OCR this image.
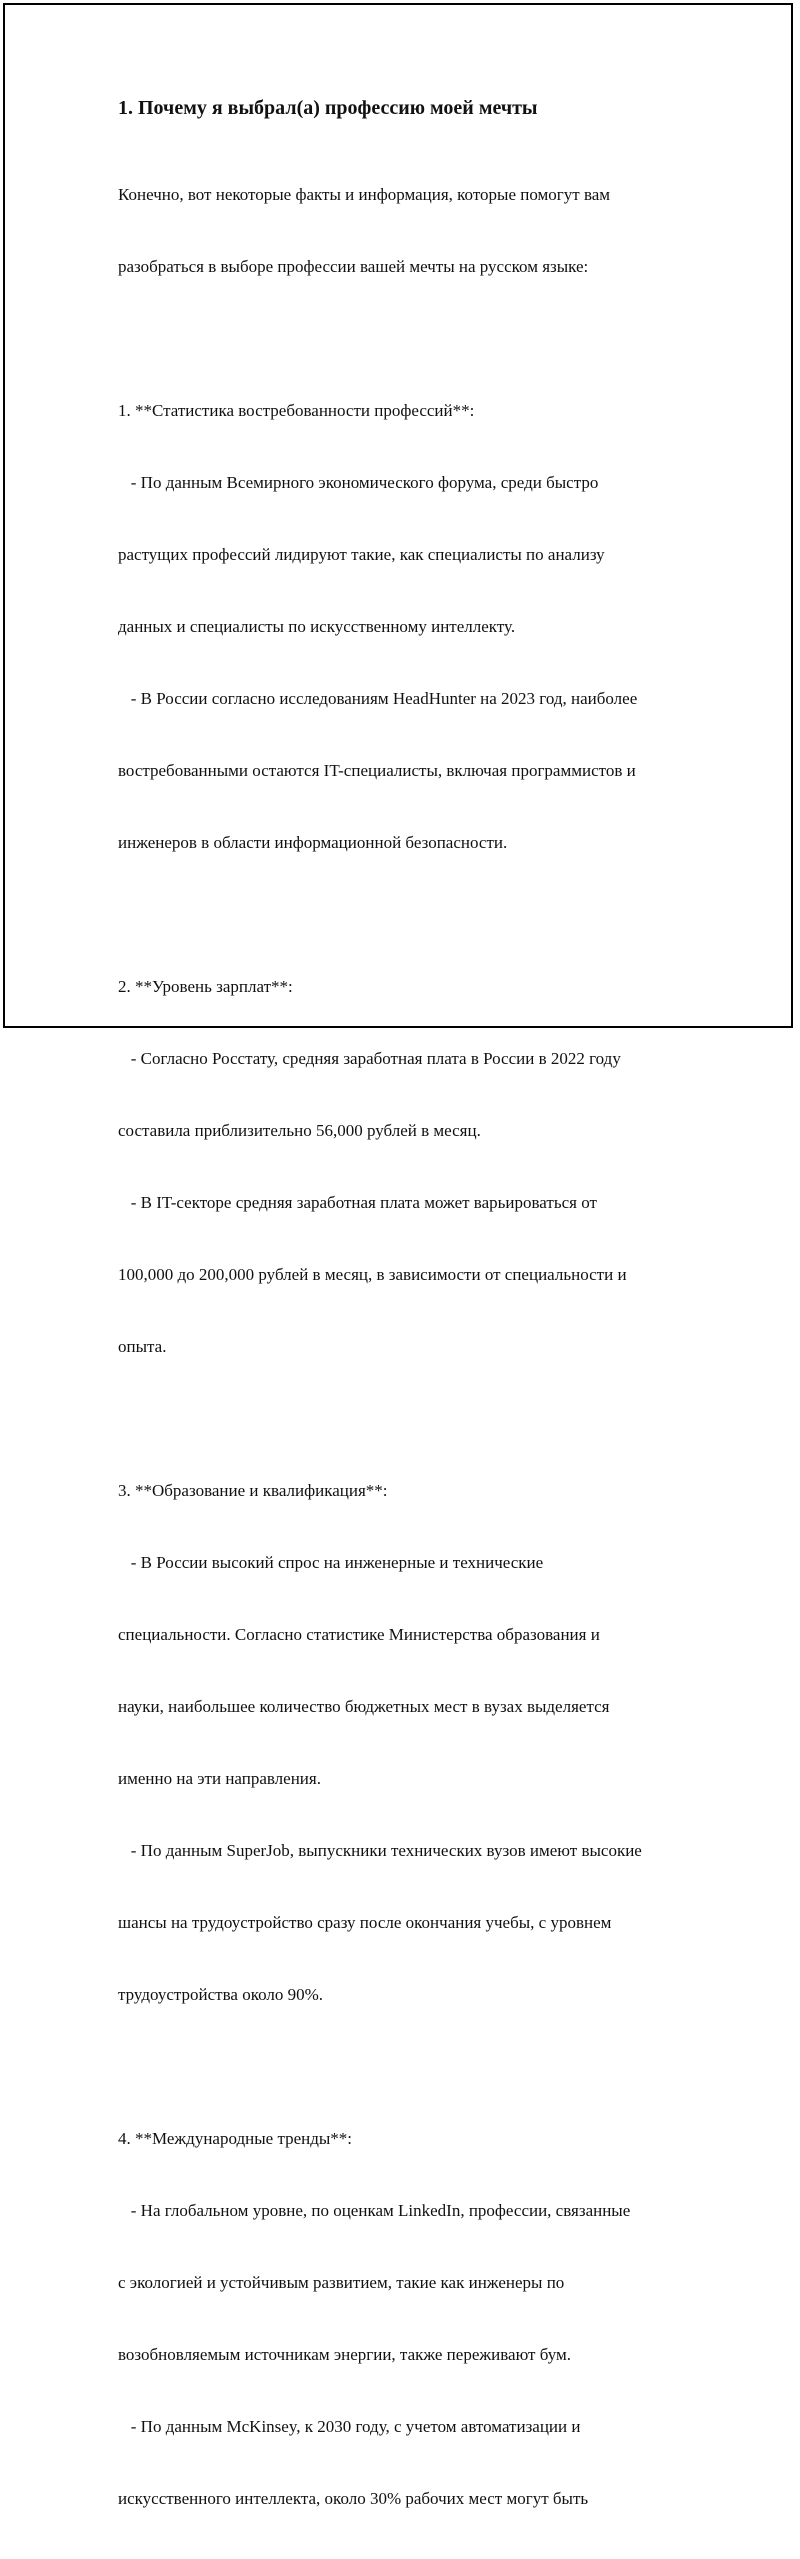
1. Почему я выбрал(а) профессию моей мечты

Конечно, вот некоторые факты и информация, которые помогут вам

разобраться в выборе профессии вашей мечты на русском языке:

1. **Статистика востребованности профессий**:

- По данным Всемирного экономического форума, среди быстро

растущих профессий лидируют такие, как специалисты по анализу

данных и специалисты по искусственному интеллекту.

- В России согласно исследованиям HeadHunter на 2023 год, наиболее

востребованными остаются IT-специалисты, включая программистов и

инженеров в области информационной безопасности.

2. **Уровень зарплат**:

- Согласно Росстату, средняя заработная плата в России в 2022 году

составила приблизительно 56,000 рублей в месяц.

- В IT-секторе средняя заработная плата может варьироваться от

100,000 до 200,000 рублей в месяц, в зависимости от специальности и

опыта.

3. **Образование и квалификация**:

- В России высокий спрос на инженерные и технические

специальности. Согласно статистике Министерства образования и

науки, наибольшее количество бюджетных мест в вузах выделяется

именно на эти направления.

- По данным SuperJob, выпускники технических вузов имеют высокие

шансы на трудоустройство сразу после окончания учебы, с уровнем

трудоустройства около 90%.

4. **Международные тренды**:

- На глобальном уровне, по оценкам LinkedIn, профессии, связанные

с экологией и устойчивым развитием, такие как инженеры по

возобновляемым источникам энергии, также переживают бум.

- По данным McKinsey, к 2030 году, с учетом автоматизации и

искусственного интеллекта, около 30% рабочих мест могут быть
